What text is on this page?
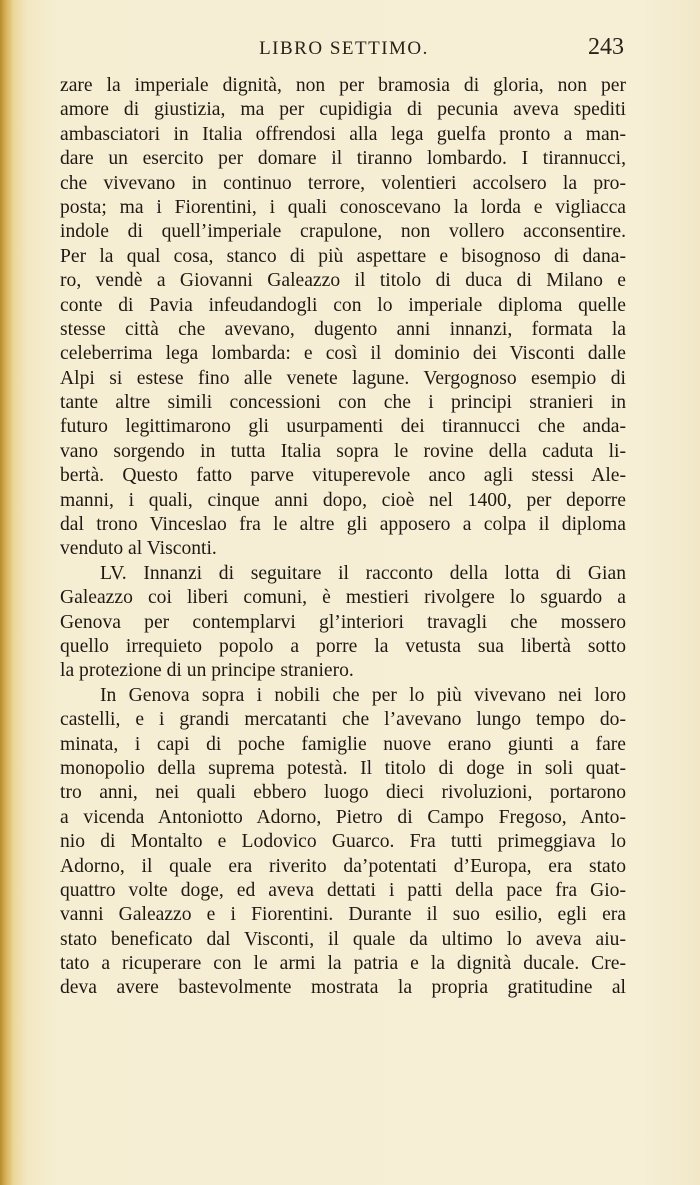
LIBRO SETTIMO.	243
zare la imperiale dignità, non per bramosia di gloria, non per
amore di giustizia, ma per cupidigia di pecunia aveva spediti
ambasciatori in Italia offrendosi alla lega guelfa pronto a man-
dare un esercito per domare il tiranno lombardo. I tirannucci,
che vivevano in continuo terrore, volentieri accolsero la pro-
posta; ma i Fiorentini, i quali conoscevano la lorda e vigliacca
indole di quell’imperiale crapulone, non vollero acconsentire.
Per la qual cosa, stanco di più aspettare e bisognoso di dana-
ro, vendè a Giovanni Galeazzo il titolo di duca di Milano e
conte di Pavia infeudandogli con lo imperiale diploma quelle
stesse città che avevano, dugento anni innanzi, formata la
celeberrima lega lombarda: e così il dominio dei Visconti dalle
Alpi si estese fino alle venete lagune. Vergognoso esempio di
tante altre simili concessioni con che i principi stranieri in
futuro legittimarono gli usurpamenti dei tirannucci che anda-
vano sorgendo in tutta Italia sopra le rovine della caduta li-
bertà. Questo fatto parve vituperevole anco agli stessi Ale-
manni, i quali, cinque anni dopo, cioè nel 1400, per deporre
dal trono Vinceslao fra le altre gli apposero a colpa il diploma
venduto al Visconti.
LV. Innanzi di seguitare il racconto della lotta di Gian
Galeazzo coi liberi comuni, è mestieri rivolgere lo sguardo a
Genova per contemplarvi gl’interiori travagli che mossero
quello irrequieto popolo a porre la vetusta sua libertà sotto
la protezione di un principe straniero.
In Genova sopra i nobili che per lo più vivevano nei loro
castelli, e i grandi mercatanti che l’avevano lungo tempo do-
minata, i capi di poche famiglie nuove erano giunti a fare
monopolio della suprema potestà. Il titolo di doge in soli quat-
tro anni, nei quali ebbero luogo dieci rivoluzioni, portarono
a vicenda Antoniotto Adorno, Pietro di Campo Fregoso, Anto-
nio di Montalto e Lodovico Guarco. Fra tutti primeggiava lo
Adorno, il quale era riverito da’potentati d’Europa, era stato
quattro volte doge, ed aveva dettati i patti della pace fra Gio-
vanni Galeazzo e i Fiorentini. Durante il suo esilio, egli era
stato beneficato dal Visconti, il quale da ultimo lo aveva aiu-
tato a ricuperare con le armi la patria e la dignità ducale. Cre-
deva avere bastevolmente mostrata la propria gratitudine al
